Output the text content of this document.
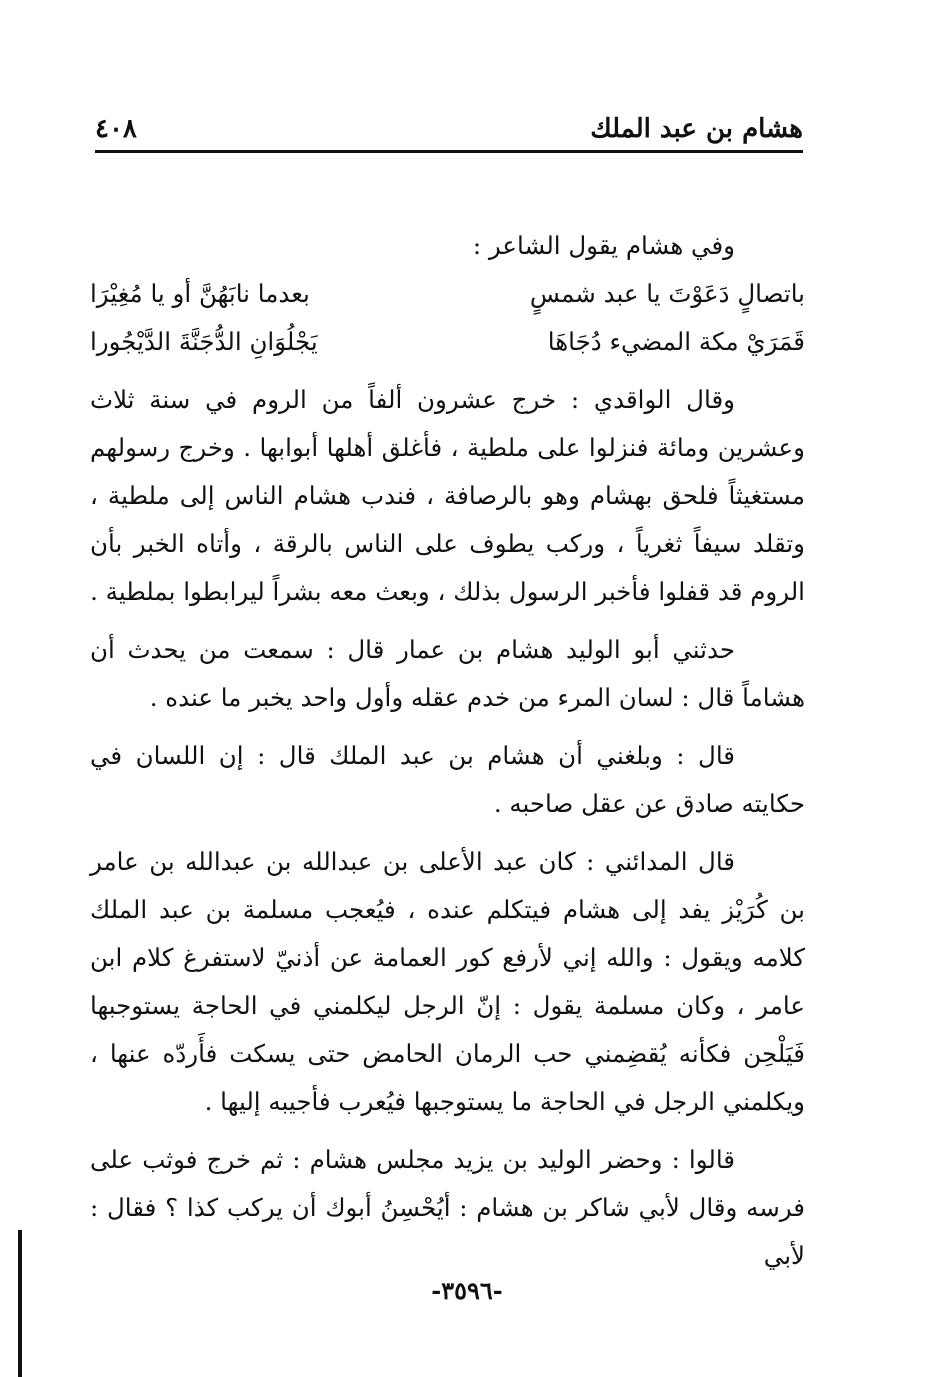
هشام بن عبد الملك
٤٠٨

وفي هشام يقول الشاعر :

باتصالٍ دَعَوْتَ يا عبد شمسٍ
بعدما نابَهُنَّ أو يا مُغِيْرَا
قَمَرَيْ مكة المضيء دُجَاهَا
يَجْلُوَانِ الدُّجَنَّةَ الدَّيْجُورا

وقال الواقدي : خرج عشرون ألفاً من الروم في سنة ثلاث وعشرين ومائة فنزلوا على ملطية ، فأغلق أهلها أبوابها . وخرج رسولهم مستغيثاً فلحق بهشام وهو بالرصافة ، فندب هشام الناس إلى ملطية ، وتقلد سيفاً ثغرياً ، وركب يطوف على الناس بالرقة ، وأتاه الخبر بأن الروم قد قفلوا فأخبر الرسول بذلك ، وبعث معه بشراً ليرابطوا بملطية .

حدثني أبو الوليد هشام بن عمار قال : سمعت من يحدث أن هشاماً قال : لسان المرء من خدم عقله وأول واحد يخبر ما عنده .

قال : وبلغني أن هشام بن عبد الملك قال : إن اللسان في حكايته صادق عن عقل صاحبه .

قال المدائني : كان عبد الأعلى بن عبدالله بن عبدالله بن عامر بن كُرَيْز يفد إلى هشام فيتكلم عنده ، فيُعجب مسلمة بن عبد الملك كلامه ويقول : والله إني لأرفع كور العمامة عن أذنيّ لاستفرغ كلام ابن عامر ، وكان مسلمة يقول : إنّ الرجل ليكلمني في الحاجة يستوجبها فَيَلْحِن فكأنه يُقضِمني حب الرمان الحامض حتى يسكت فأَردّه عنها ، ويكلمني الرجل في الحاجة ما يستوجبها فيُعرب فأجيبه إليها .

قالوا : وحضر الوليد بن يزيد مجلس هشام : ثم خرج فوثب على فرسه وقال لأبي شاكر بن هشام : أيُحْسِنُ أبوك أن يركب كذا ؟ فقال : لأبي

-٣٥٩٦-
